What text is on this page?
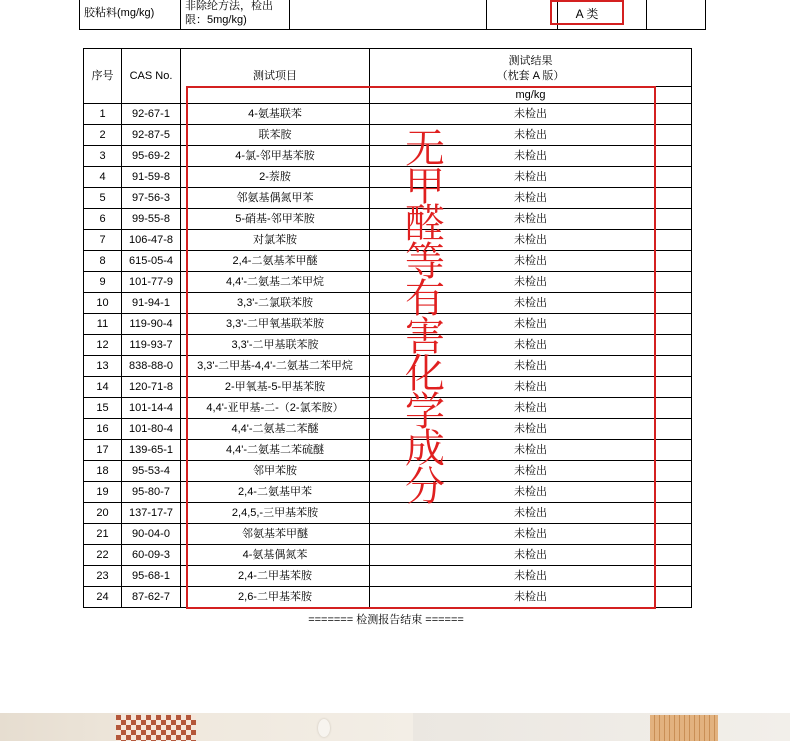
胶粘料(mg/kg)	非除纶方法，检出
限：5mg/kg)					A 类
序号	CAS No.	测试项目	测试结果
（枕套 A 版）
			mg/kg
1	92-67-1	4-氨基联苯	未检出
2	92-87-5	联苯胺	未检出
3	95-69-2	4-氯-邻甲基苯胺	未检出
4	91-59-8	2-萘胺	未检出
5	97-56-3	邻氨基偶氮甲苯	未检出
6	99-55-8	5-硝基-邻甲苯胺	未检出
7	106-47-8	对氯苯胺	未检出
8	615-05-4	2,4-二氨基苯甲醚	未检出
9	101-77-9	4,4'-二氨基二苯甲烷	未检出
10	91-94-1	3,3'-二氯联苯胺	未检出
11	119-90-4	3,3'-二甲氧基联苯胺	未检出
12	119-93-7	3,3'-二甲基联苯胺	未检出
13	838-88-0	3,3'-二甲基-4,4'-二氨基二苯甲烷	未检出
14	120-71-8	2-甲氧基-5-甲基苯胺	未检出
15	101-14-4	4,4'-亚甲基-二-（2-氯苯胺）	未检出
16	101-80-4	4,4'-二氨基二苯醚	未检出
17	139-65-1	4,4'-二氨基二苯硫醚	未检出
18	95-53-4	邻甲苯胺	未检出
19	95-80-7	2,4-二氨基甲苯	未检出
20	137-17-7	2,4,5,-三甲基苯胺	未检出
21	90-04-0	邻氨基苯甲醚	未检出
22	60-09-3	4-氨基偶氮苯	未检出
23	95-68-1	2,4-二甲基苯胺	未检出
24	87-62-7	2,6-二甲基苯胺	未检出
无甲醛等有害化学成分
======= 检测报告结束 ======
